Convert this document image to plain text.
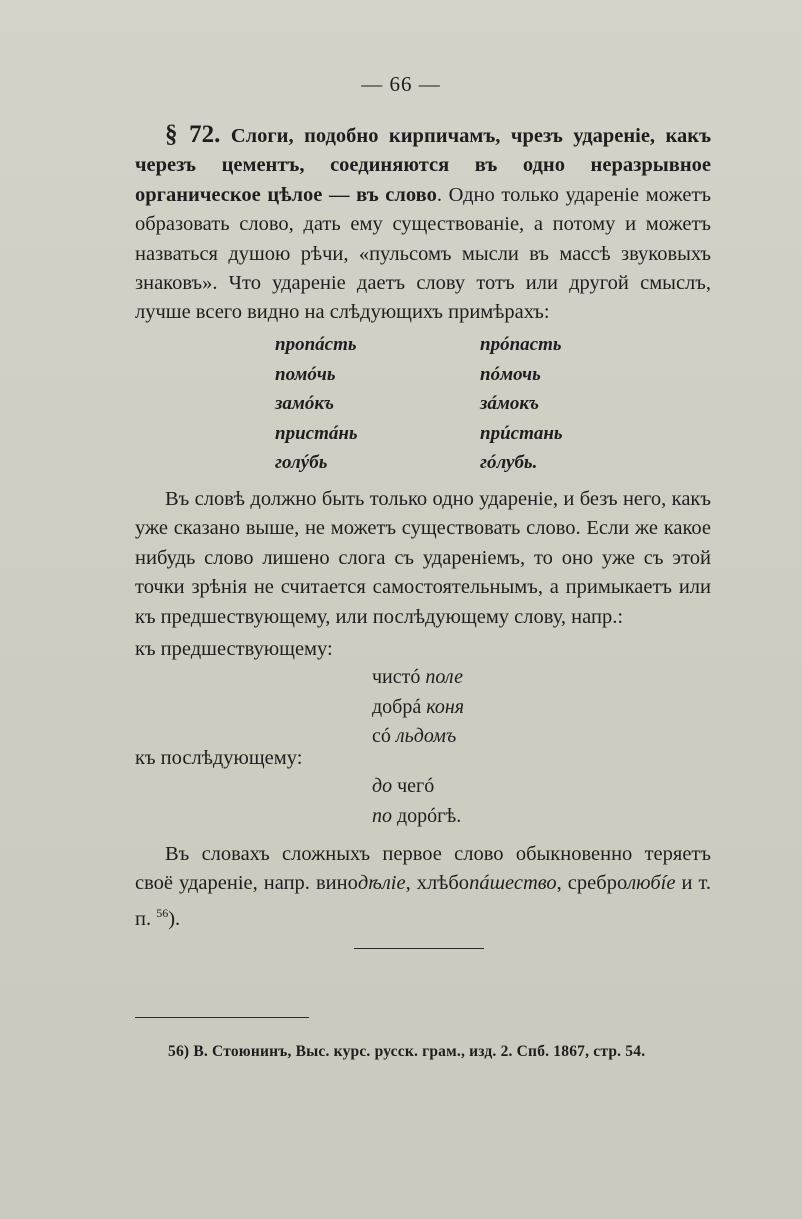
— 66 —
§ 72. Слоги, подобно кирпичамъ, чрезъ удареніе, какъ черезъ цементъ, соединяются въ одно неразрывное органическое цѣлое — въ слово. Одно только удареніе можетъ образовать слово, дать ему существованіе, а потому и можетъ назваться душою рѣчи, «пульсомъ мысли въ массѣ звуковыхъ знаковъ». Что удареніе даетъ слову тотъ или другой смыслъ, лучше всего видно на слѣдующихъ примѣрахъ:
пропáсть	прóпасть
помóчь	пóмочь
замóкъ	зáмокъ
пристáнь	прúстань
голýбь	гóлубь.
Въ словѣ должно быть только одно удареніе, и безъ него, какъ уже сказано выше, не можетъ существовать слово. Если же какое нибудь слово лишено слога съ удареніемъ, то оно уже съ этой точки зрѣнія не считается самостоятельнымъ, а примыкаетъ или къ предшествующему, или послѣдующему слову, напр.:
къ предшествующему:
чистó поле
добрá коня
có льдомъ
къ послѣдующему:
до чегó
по дорóгѣ.
Въ словахъ сложныхъ первое слово обыкновенно теряетъ своё удареніе, напр. винодѣліе, хлѣбопáшество, сребролюбíе и т. п. $^{56}$).
56) В. Стоюнинъ, Выс. курс. русск. грам., изд. 2. Спб. 1867, стр. 54.
